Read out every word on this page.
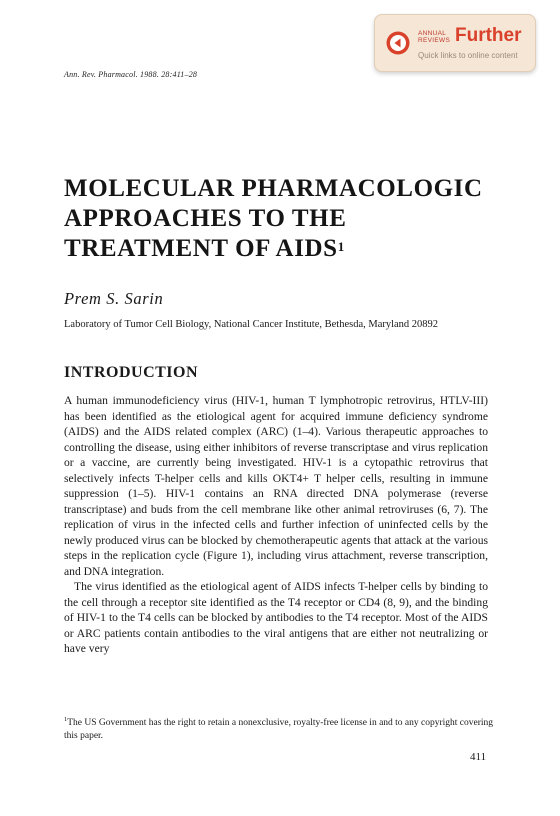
ANNUAL
REVIEWS Further
Quick links to online content
Ann. Rev. Pharmacol. 1988. 28:411–28
MOLECULAR PHARMACOLOGIC APPROACHES TO THE TREATMENT OF AIDS$^1$
Prem S. Sarin
Laboratory of Tumor Cell Biology, National Cancer Institute, Bethesda, Maryland 20892
INTRODUCTION

A human immunodeficiency virus (HIV-1, human T lymphotropic retrovirus, HTLV-III) has been identified as the etiological agent for acquired immune deficiency syndrome (AIDS) and the AIDS related complex (ARC) (1–4). Various therapeutic approaches to controlling the disease, using either inhibitors of reverse transcriptase and virus replication or a vaccine, are currently being investigated. HIV-1 is a cytopathic retrovirus that selectively infects T-helper cells and kills OKT4+ T helper cells, resulting in immune suppression (1–5). HIV-1 contains an RNA directed DNA polymerase (reverse transcriptase) and buds from the cell membrane like other animal retroviruses (6, 7). The replication of virus in the infected cells and further infection of uninfected cells by the newly produced virus can be blocked by chemotherapeutic agents that attack at the various steps in the replication cycle (Figure 1), including virus attachment, reverse transcription, and DNA integration.

The virus identified as the etiological agent of AIDS infects T-helper cells by binding to the cell through a receptor site identified as the T4 receptor or CD4 (8, 9), and the binding of HIV-1 to the T4 cells can be blocked by antibodies to the T4 receptor. Most of the AIDS or ARC patients contain antibodies to the viral antigens that are either not neutralizing or have very

$^1$The US Government has the right to retain a nonexclusive, royalty-free license in and to any copyright covering this paper.
411
